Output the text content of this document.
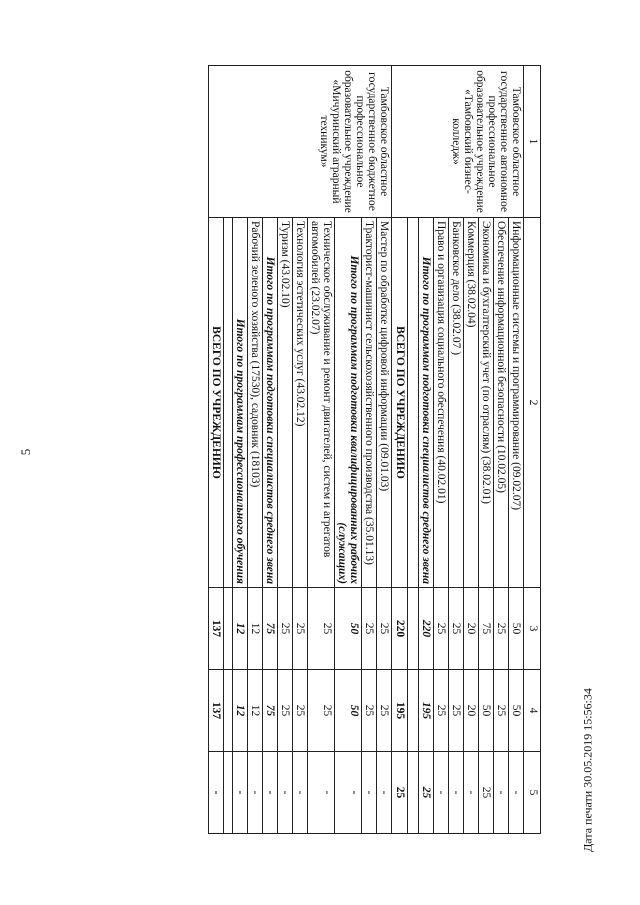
5
Дата печати 30.05.2019 15:56:34
1	2	3	4	5
Тамбовское областное государственное автономное профессиональное образовательное учреждение «Тамбовский бизнес-колледж»	Информационные системы и программирование (09.02.07)	50	50	-
	Обеспечение информационной безопасности (10.02.05)	25	25	-
	Экономика и бухгалтерский учет (по отраслям) (38.02.01)	75	50	25
	Коммерция (38.02.04)	20	20	-
	Банковское дело (38.02.07 )	25	25	-
	Право и организация социального обеспечения (40.02.01)	25	25	-
	Итого по программам подготовки специалистов среднего звена	220	195	25

	ВСЕГО ПО УЧРЕЖДЕНИЮ	220	195	25
Тамбовское областное государственное бюджетное профессиональное образовательное учреждение «Мичуринский аграрный техникум»	Мастер по обработке цифровой информации (09.01.03)	25	25	-
	Тракторист-машинист сельскохозяйственного производства (35.01.13)	25	25	-
	Итого по программам подготовки квалифицированных рабочих (служащих)	50	50	-
	Техническое обслуживание и ремонт двигателей, систем и агрегатов автомобилей (23.02.07)	25	25	-
	Технология эстетических услуг (43.02.12)	25	25	-
	Туризм (43.02.10)	25	25	-
	Итого по программам подготовки специалистов среднего звена	75	75	-
	Рабочий зеленого хозяйства (17530), садовник (18103)	12	12	-
	Итого по программам профессионального обучения	12	12	-

	ВСЕГО ПО УЧРЕЖДЕНИЮ	137	137	-
